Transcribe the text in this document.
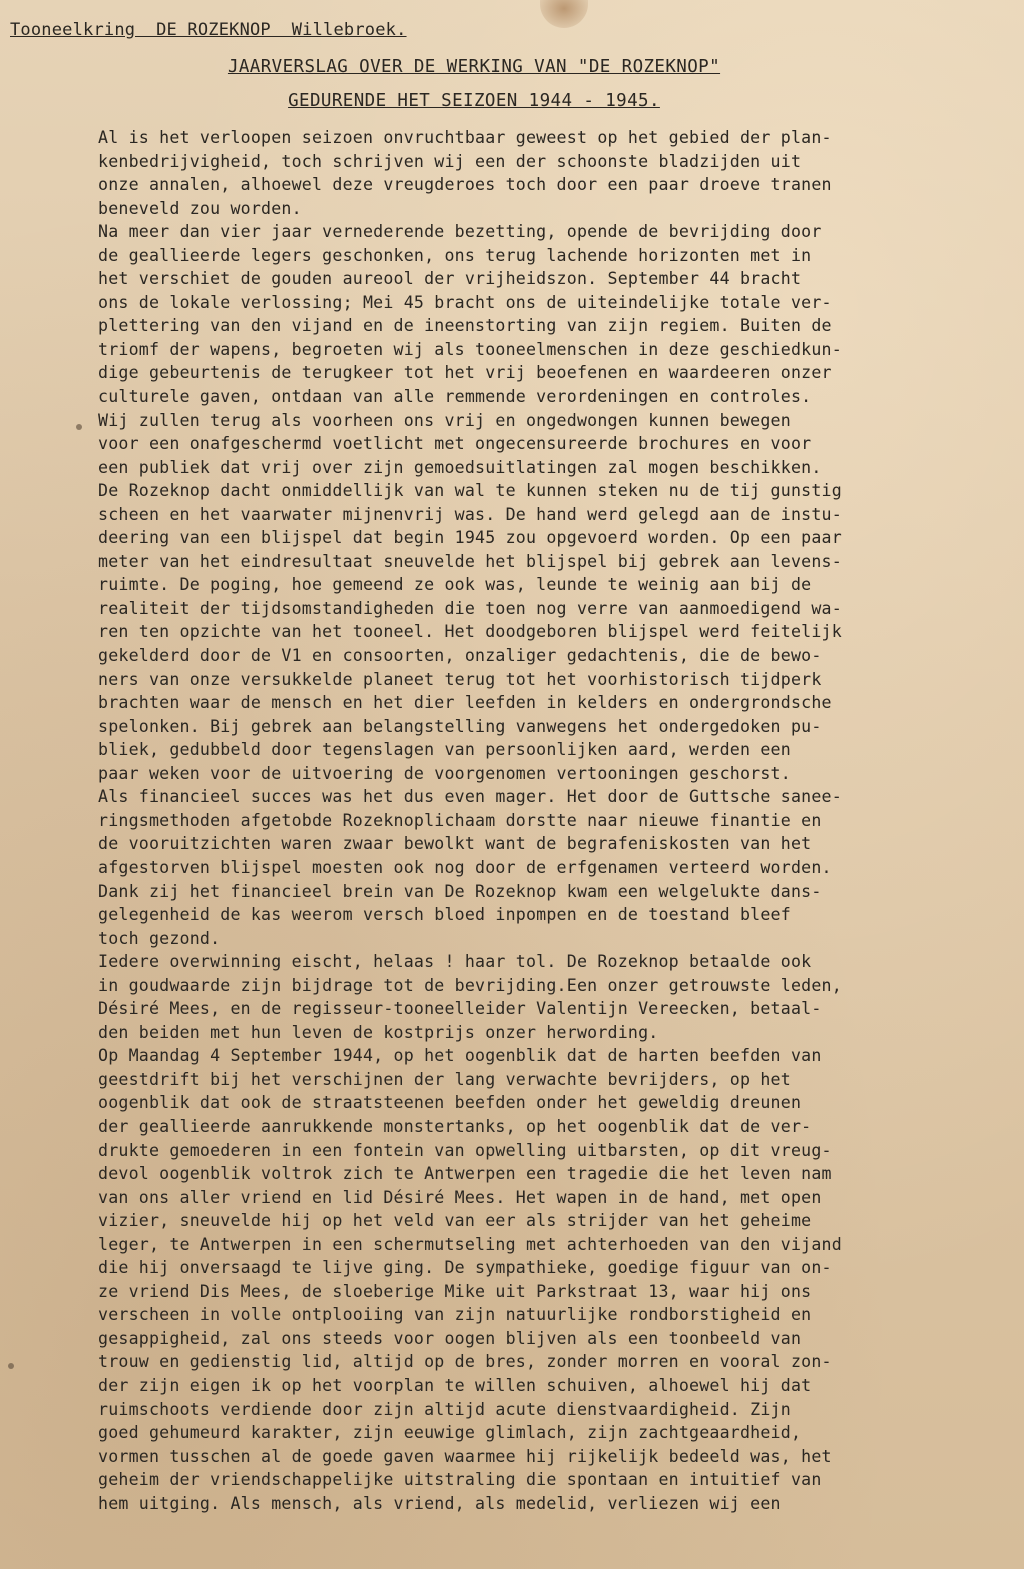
Tooneelkring  DE ROZEKNOP  Willebroek.
JAARVERSLAG OVER DE WERKING VAN "DE ROZEKNOP"
GEDURENDE HET SEIZOEN 1944 - 1945.
Al is het verloopen seizoen onvruchtbaar geweest op het gebied der plan-
kenbedrijvigheid, toch schrijven wij een der schoonste bladzijden uit
onze annalen, alhoewel deze vreugderoes toch door een paar droeve tranen
beneveld zou worden.
Na meer dan vier jaar vernederende bezetting, opende de bevrijding door
de geallieerde legers geschonken, ons terug lachende horizonten met in
het verschiet de gouden aureool der vrijheidszon. September 44 bracht
ons de lokale verlossing; Mei 45 bracht ons de uiteindelijke totale ver-
plettering van den vijand en de ineenstorting van zijn regiem. Buiten de
triomf der wapens, begroeten wij als tooneelmenschen in deze geschiedkun-
dige gebeurtenis de terugkeer tot het vrij beoefenen en waardeeren onzer
culturele gaven, ontdaan van alle remmende verordeningen en controles.
Wij zullen terug als voorheen ons vrij en ongedwongen kunnen bewegen
voor een onafgeschermd voetlicht met ongecensureerde brochures en voor
een publiek dat vrij over zijn gemoedsuitlatingen zal mogen beschikken.
De Rozeknop dacht onmiddellijk van wal te kunnen steken nu de tij gunstig
scheen en het vaarwater mijnenvrij was. De hand werd gelegd aan de instu-
deering van een blijspel dat begin 1945 zou opgevoerd worden. Op een paar
meter van het eindresultaat sneuvelde het blijspel bij gebrek aan levens-
ruimte. De poging, hoe gemeend ze ook was, leunde te weinig aan bij de
realiteit der tijdsomstandigheden die toen nog verre van aanmoedigend wa-
ren ten opzichte van het tooneel. Het doodgeboren blijspel werd feitelijk
gekelderd door de V1 en consoorten, onzaliger gedachtenis, die de bewo-
ners van onze versukkelde planeet terug tot het voorhistorisch tijdperk
brachten waar de mensch en het dier leefden in kelders en ondergrondsche
spelonken. Bij gebrek aan belangstelling vanwegens het ondergedoken pu-
bliek, gedubbeld door tegenslagen van persoonlijken aard, werden een
paar weken voor de uitvoering de voorgenomen vertooningen geschorst.
Als financieel succes was het dus even mager. Het door de Guttsche sanee-
ringsmethoden afgetobde Rozeknoplichaam dorstte naar nieuwe finantie en
de vooruitzichten waren zwaar bewolkt want de begrafeniskosten van het
afgestorven blijspel moesten ook nog door de erfgenamen verteerd worden.
Dank zij het financieel brein van De Rozeknop kwam een welgelukte dans-
gelegenheid de kas weerom versch bloed inpompen en de toestand bleef
toch gezond.
Iedere overwinning eischt, helaas ! haar tol. De Rozeknop betaalde ook
in goudwaarde zijn bijdrage tot de bevrijding.Een onzer getrouwste leden,
Désiré Mees, en de regisseur-tooneelleider Valentijn Vereecken, betaal-
den beiden met hun leven de kostprijs onzer herwording.
Op Maandag 4 September 1944, op het oogenblik dat de harten beefden van
geestdrift bij het verschijnen der lang verwachte bevrijders, op het
oogenblik dat ook de straatsteenen beefden onder het geweldig dreunen
der geallieerde aanrukkende monstertanks, op het oogenblik dat de ver-
drukte gemoederen in een fontein van opwelling uitbarsten, op dit vreug-
devol oogenblik voltrok zich te Antwerpen een tragedie die het leven nam
van ons aller vriend en lid Désiré Mees. Het wapen in de hand, met open
vizier, sneuvelde hij op het veld van eer als strijder van het geheime
leger, te Antwerpen in een schermutseling met achterhoeden van den vijand
die hij onversaagd te lijve ging. De sympathieke, goedige figuur van on-
ze vriend Dis Mees, de sloeberige Mike uit Parkstraat 13, waar hij ons
verscheen in volle ontplooiing van zijn natuurlijke rondborstigheid en
gesappigheid, zal ons steeds voor oogen blijven als een toonbeeld van
trouw en gedienstig lid, altijd op de bres, zonder morren en vooral zon-
der zijn eigen ik op het voorplan te willen schuiven, alhoewel hij dat
ruimschoots verdiende door zijn altijd acute dienstvaardigheid. Zijn
goed gehumeurd karakter, zijn eeuwige glimlach, zijn zachtgeaardheid,
vormen tusschen al de goede gaven waarmee hij rijkelijk bedeeld was, het
geheim der vriendschappelijke uitstraling die spontaan en intuitief van
hem uitging. Als mensch, als vriend, als medelid, verliezen wij een
